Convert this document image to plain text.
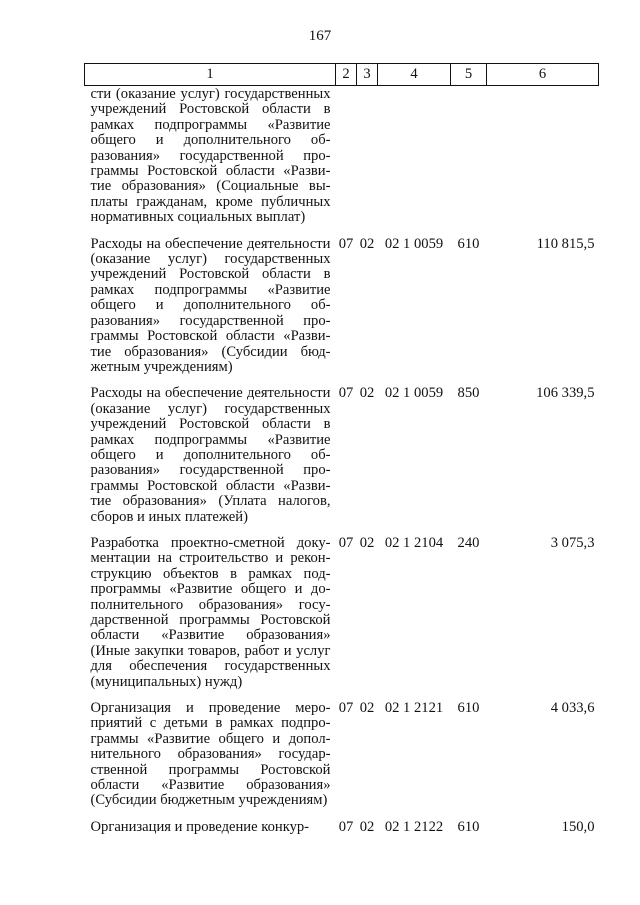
167
1	2	3	4	5	6
сти (оказание услуг) государственных учреждений Ростовской области в рамках подпрограммы «Развитие общего и дополнительного образования» государственной программы Ростовской области «Развитие образования» (Социальные выплаты гражданам, кроме публичных нормативных социальных выплат)					
Расходы на обеспечение деятельности (оказание услуг) государственных учреждений Ростовской области в рамках подпрограммы «Развитие общего и дополнительного образования» государственной программы Ростовской области «Развитие образования» (Субсидии бюджетным учреждениям)	07	02	02 1 0059	610	110 815,5
Расходы на обеспечение деятельности (оказание услуг) государственных учреждений Ростовской области в рамках подпрограммы «Развитие общего и дополнительного образования» государственной программы Ростовской области «Развитие образования» (Уплата налогов, сборов и иных платежей)	07	02	02 1 0059	850	106 339,5
Разработка проектно-сметной документации на строительство и реконструкцию объектов в рамках подпрограммы «Развитие общего и дополнительного образования» государственной программы Ростовской области «Развитие образования» (Иные закупки товаров, работ и услуг для обеспечения государственных (муниципальных) нужд)	07	02	02 1 2104	240	3 075,3
Организация и проведение мероприятий с детьми в рамках подпрограммы «Развитие общего и дополнительного образования» государственной программы Ростовской области «Развитие образования» (Субсидии бюджетным учреждениям)	07	02	02 1 2121	610	4 033,6
Организация и проведение конкур-	07	02	02 1 2122	610	150,0
